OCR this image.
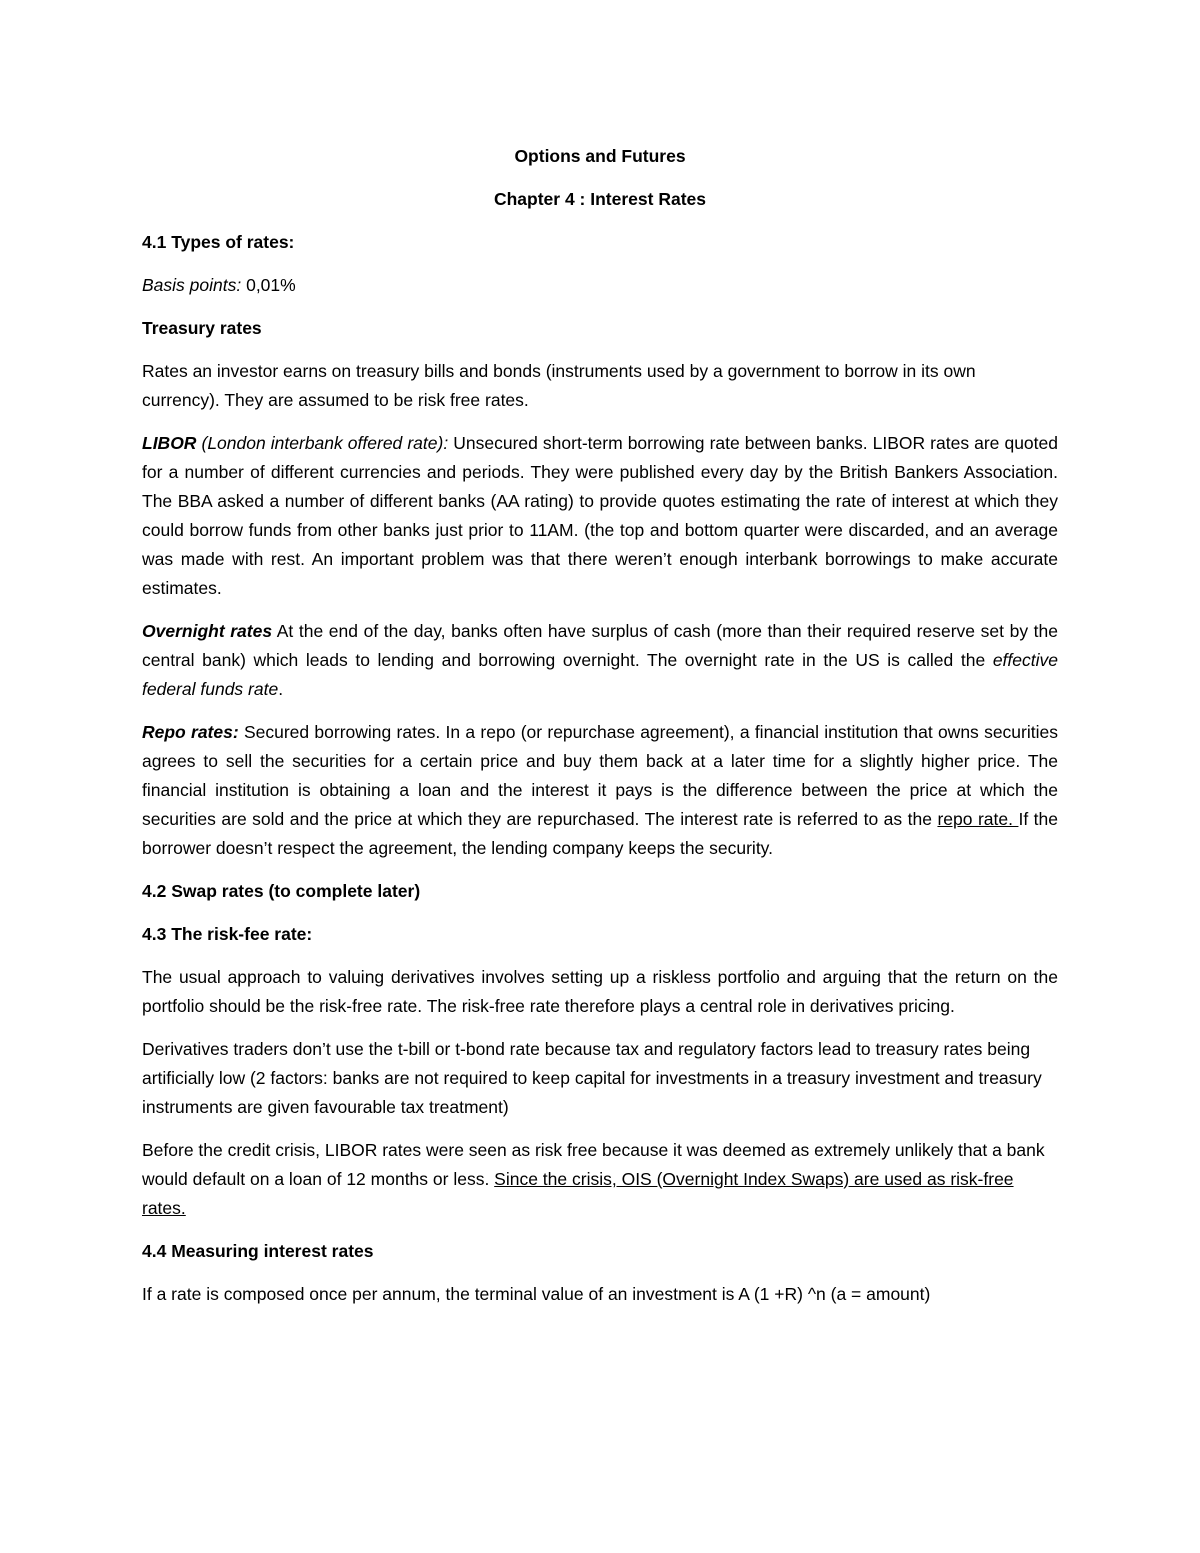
Options and Futures

Chapter 4 : Interest Rates

4.1 Types of rates:

Basis points: 0,01%

Treasury rates

Rates an investor earns on treasury bills and bonds (instruments used by a government to borrow in its own currency). They are assumed to be risk free rates.

LIBOR (London interbank offered rate): Unsecured short-term borrowing rate between banks. LIBOR rates are quoted for a number of different currencies and periods. They were published every day by the British Bankers Association. The BBA asked a number of different banks (AA rating) to provide quotes estimating the rate of interest at which they could borrow funds from other banks just prior to 11AM. (the top and bottom quarter were discarded, and an average was made with rest. An important problem was that there weren’t enough interbank borrowings to make accurate estimates.

Overnight rates At the end of the day, banks often have surplus of cash (more than their required reserve set by the central bank) which leads to lending and borrowing overnight. The overnight rate in the US is called the effective federal funds rate.

Repo rates: Secured borrowing rates. In a repo (or repurchase agreement), a financial institution that owns securities agrees to sell the securities for a certain price and buy them back at a later time for a slightly higher price. The financial institution is obtaining a loan and the interest it pays is the difference between the price at which the securities are sold and the price at which they are repurchased. The interest rate is referred to as the repo rate. If the borrower doesn’t respect the agreement, the lending company keeps the security.

4.2 Swap rates (to complete later)

4.3 The risk-fee rate:

The usual approach to valuing derivatives involves setting up a riskless portfolio and arguing that the return on the portfolio should be the risk-free rate. The risk-free rate therefore plays a central role in derivatives pricing.

Derivatives traders don’t use the t-bill or t-bond rate because tax and regulatory factors lead to treasury rates being artificially low (2 factors: banks are not required to keep capital for investments in a treasury investment and treasury instruments are given favourable tax treatment)

Before the credit crisis, LIBOR rates were seen as risk free because it was deemed as extremely unlikely that a bank would default on a loan of 12 months or less. Since the crisis, OIS (Overnight Index Swaps) are used as risk-free rates.

4.4 Measuring interest rates

If a rate is composed once per annum, the terminal value of an investment is A (1 +R) ^n (a = amount)
